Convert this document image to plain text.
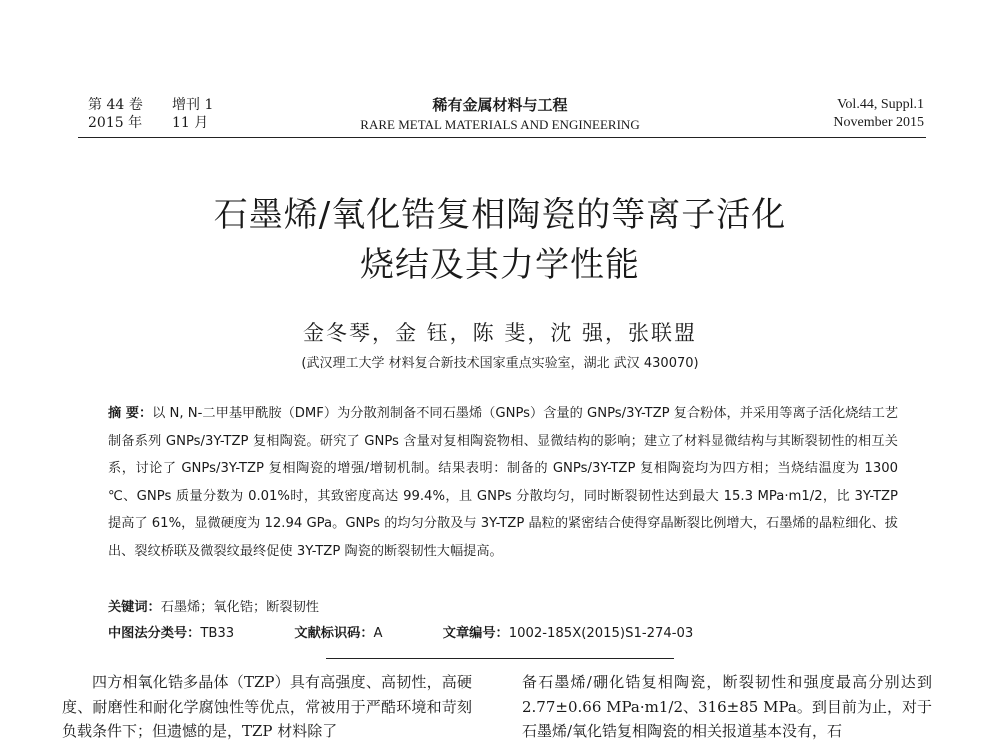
第 44 卷
2015 年
增刊 1
11 月
稀有金属材料与工程
RARE METAL MATERIALS AND ENGINEERING
Vol.44, Suppl.1
November 2015
石墨烯/氧化锆复相陶瓷的等离子活化
烧结及其力学性能
金冬琴，金 钰，陈 斐，沈 强，张联盟
(武汉理工大学 材料复合新技术国家重点实验室，湖北 武汉 430070)
摘 要：以 N, N-二甲基甲酰胺（DMF）为分散剂制备不同石墨烯（GNPs）含量的 GNPs/3Y-TZP 复合粉体，并采用等离子活化烧结工艺制备系列 GNPs/3Y-TZP 复相陶瓷。研究了 GNPs 含量对复相陶瓷物相、显微结构的影响；建立了材料显微结构与其断裂韧性的相互关系，讨论了 GNPs/3Y-TZP 复相陶瓷的增强/增韧机制。结果表明：制备的 GNPs/3Y-TZP 复相陶瓷均为四方相；当烧结温度为 1300 ℃、GNPs 质量分数为 0.01%时，其致密度高达 99.4%，且 GNPs 分散均匀，同时断裂韧性达到最大 15.3 MPa·m1/2，比 3Y-TZP 提高了 61%，显微硬度为 12.94 GPa。GNPs 的均匀分散及与 3Y-TZP 晶粒的紧密结合使得穿晶断裂比例增大，石墨烯的晶粒细化、拔出、裂纹桥联及微裂纹最终促使 3Y-TZP 陶瓷的断裂韧性大幅提高。
关键词：石墨烯；氧化锆；断裂韧性
中图法分类号：TB33	文献标识码：A	文章编号：1002-185X(2015)S1-274-03

四方相氧化锆多晶体（TZP）具有高强度、高韧性，高硬度、耐磨性和耐化学腐蚀性等优点，常被用于严酷环境和苛刻负载条件下；但遗憾的是，TZP 材料除了

备石墨烯/硼化锆复相陶瓷，断裂韧性和强度最高分别达到 2.77±0.66 MPa·m1/2、316±85 MPa。到目前为止，对于石墨烯/氧化锆复相陶瓷的相关报道基本没有，石
